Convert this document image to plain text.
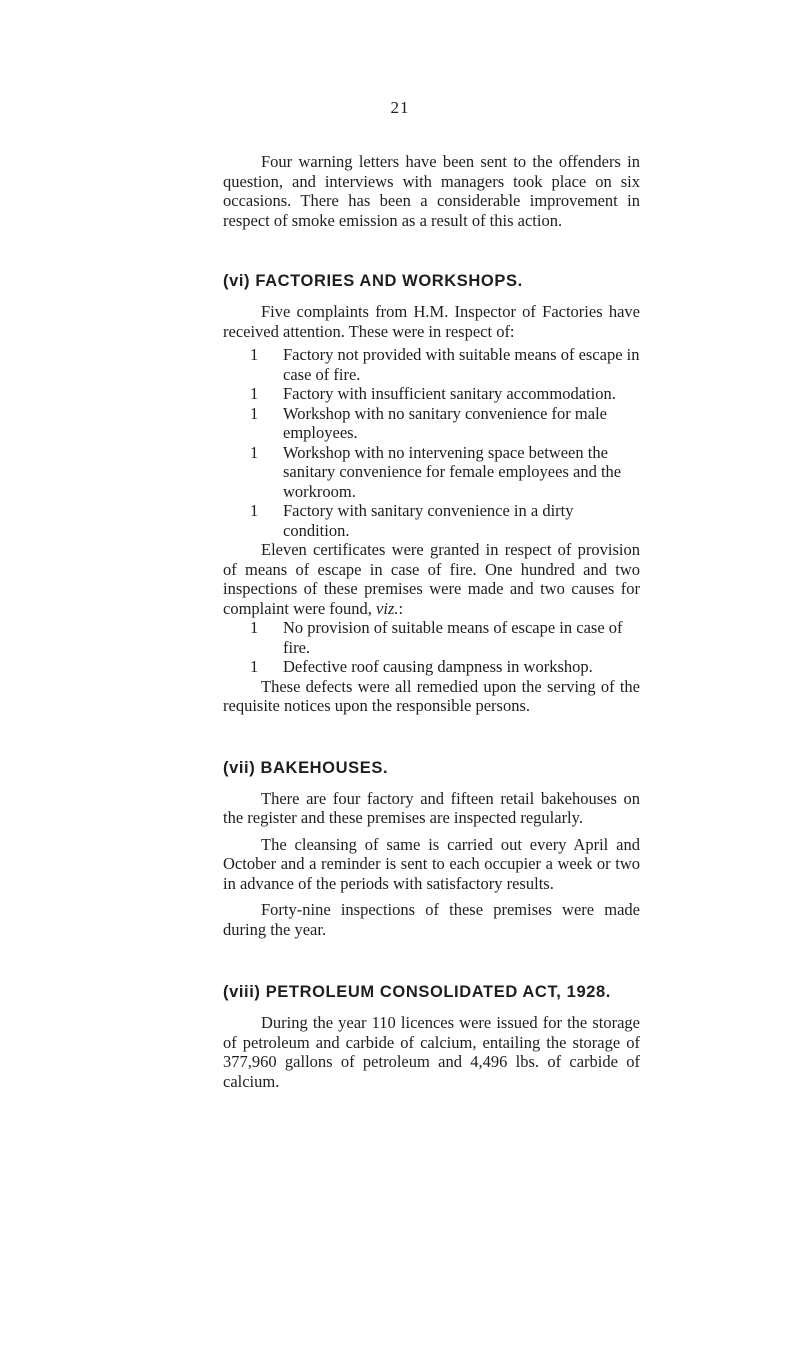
21

Four warning letters have been sent to the offenders in question, and interviews with managers took place on six occasions. There has been a considerable improvement in respect of smoke emission as a result of this action.

(vi) FACTORIES AND WORKSHOPS.

Five complaints from H.M. Inspector of Factories have received attention. These were in respect of:

1 Factory not provided with suitable means of escape in case of fire.
1 Factory with insufficient sanitary accommodation.
1 Workshop with no sanitary convenience for male employees.
1 Workshop with no intervening space between the sanitary convenience for female employees and the workroom.
1 Factory with sanitary convenience in a dirty condition.

Eleven certificates were granted in respect of provision of means of escape in case of fire. One hundred and two inspections of these premises were made and two causes for complaint were found, viz.:

1 No provision of suitable means of escape in case of fire.
1 Defective roof causing dampness in workshop.

These defects were all remedied upon the serving of the requisite notices upon the responsible persons.

(vii) BAKEHOUSES.

There are four factory and fifteen retail bakehouses on the register and these premises are inspected regularly.

The cleansing of same is carried out every April and October and a reminder is sent to each occupier a week or two in advance of the periods with satisfactory results.

Forty-nine inspections of these premises were made during the year.

(viii) PETROLEUM CONSOLIDATED ACT, 1928.

During the year 110 licences were issued for the storage of petroleum and carbide of calcium, entailing the storage of 377,960 gallons of petroleum and 4,496 lbs. of carbide of calcium.
